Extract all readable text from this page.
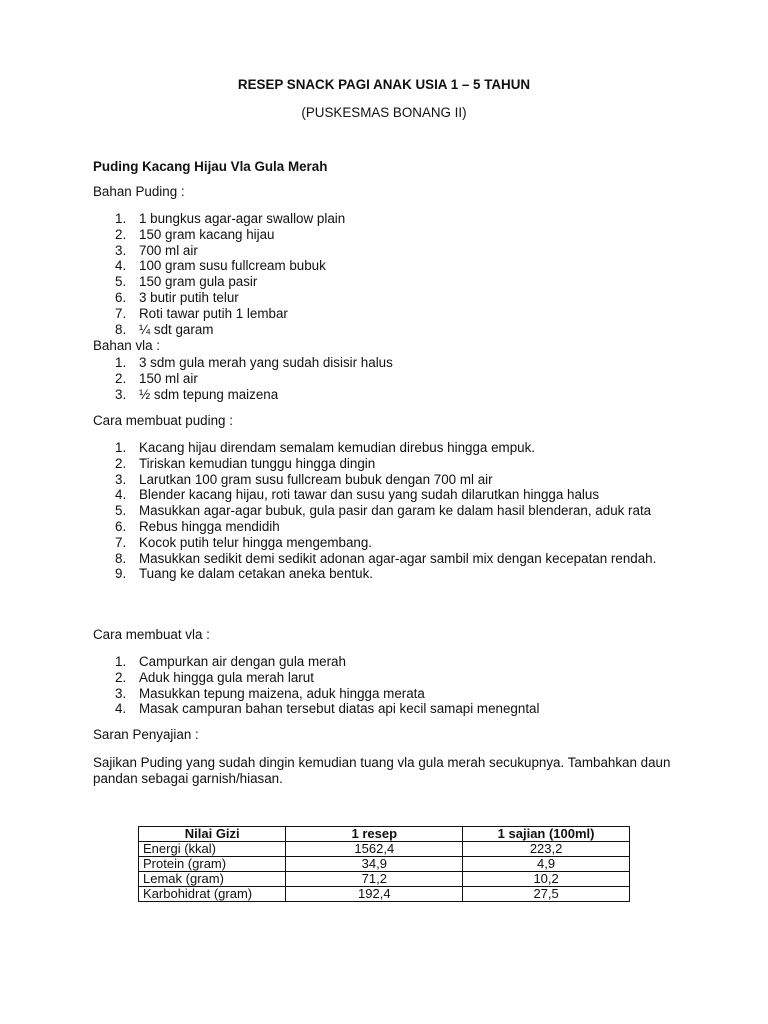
RESEP SNACK PAGI ANAK USIA 1 – 5 TAHUN
(PUSKESMAS BONANG II)
Puding Kacang Hijau Vla Gula Merah
Bahan Puding :
1. 1 bungkus agar-agar swallow plain
2. 150 gram kacang hijau
3. 700 ml air
4. 100 gram susu fullcream bubuk
5. 150 gram gula pasir
6. 3 butir putih telur
7. Roti tawar putih 1 lembar
8. ¼ sdt garam
Bahan vla :
1. 3 sdm gula merah yang sudah disisir halus
2. 150 ml air
3. ½ sdm tepung maizena
Cara membuat puding :
1. Kacang hijau direndam semalam kemudian direbus hingga empuk.
2. Tiriskan kemudian tunggu hingga dingin
3. Larutkan 100 gram susu fullcream bubuk dengan 700 ml air
4. Blender kacang hijau, roti tawar dan susu yang sudah dilarutkan hingga halus
5. Masukkan agar-agar bubuk, gula pasir dan garam ke dalam hasil blenderan, aduk rata
6. Rebus hingga mendidih
7. Kocok putih telur hingga mengembang.
8. Masukkan sedikit demi sedikit adonan agar-agar sambil mix dengan kecepatan rendah.
9. Tuang ke dalam cetakan aneka bentuk.
Cara membuat vla :
1. Campurkan air dengan gula merah
2. Aduk hingga gula merah larut
3. Masukkan tepung maizena, aduk hingga merata
4. Masak campuran bahan tersebut diatas api kecil samapi menegntal
Saran Penyajian :
Sajikan Puding yang sudah dingin kemudian tuang vla gula merah secukupnya. Tambahkan daun pandan sebagai garnish/hiasan.
Nilai Gizi	1 resep	1 sajian (100ml)
Energi (kkal)	1562,4	223,2
Protein (gram)	34,9	4,9
Lemak (gram)	71,2	10,2
Karbohidrat (gram)	192,4	27,5
